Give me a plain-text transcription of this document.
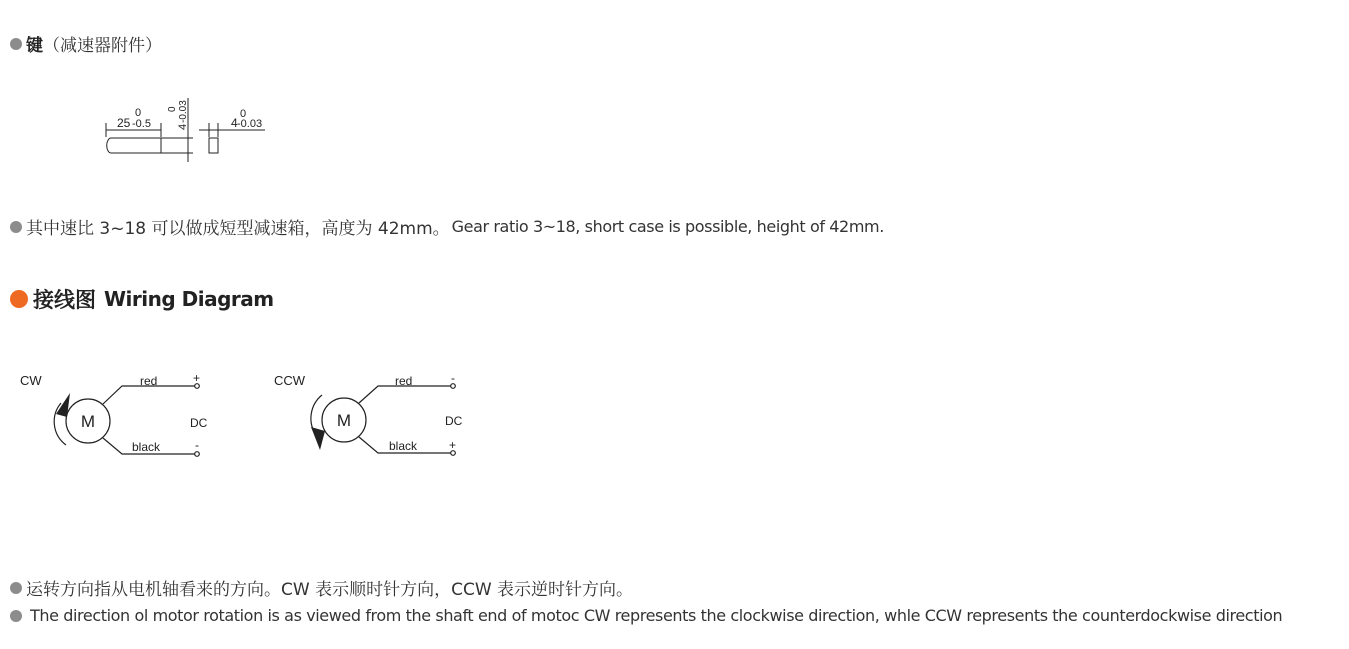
键 （减速器附件）
25
0
-0.5 4
0 -0.03	4
0
-0.03
其中速比 3~18 可以做成短型减速箱，高度为 42mm。 Gear ratio 3~18, short case is possible, height of 42mm.
接线图 Wiring Diagram
CW
M
red
black
+
-
DC
CCW
M
red
black
-
+
DC
运转方向指从电机轴看来的方向。CW 表示顺时针方向，CCW 表示逆时针方向。
The direction ol motor rotation is as viewed from the shaft end of motoc CW represents the clockwise direction, whle CCW represents the counterdockwise direction
